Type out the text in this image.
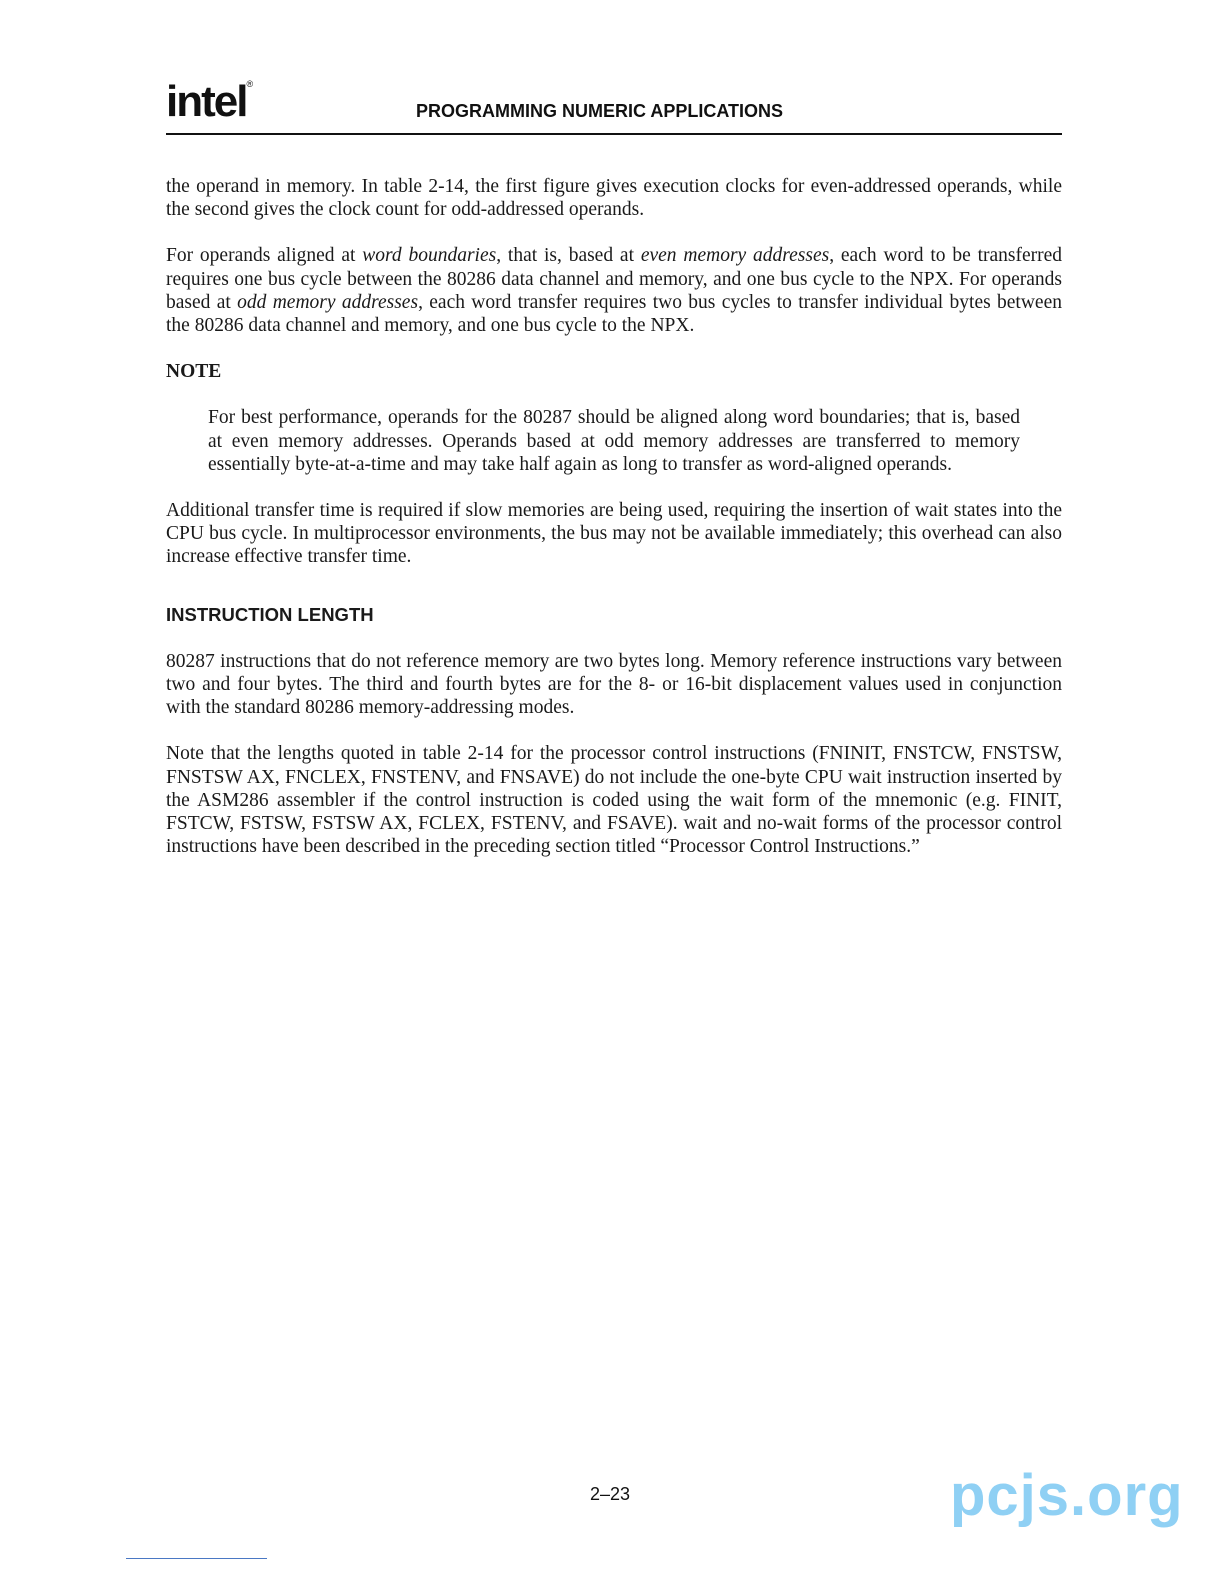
intel®
PROGRAMMING NUMERIC APPLICATIONS

the operand in memory. In table 2-14, the first figure gives execution clocks for even-addressed operands, while the second gives the clock count for odd-addressed operands.

For operands aligned at word boundaries, that is, based at even memory addresses, each word to be transferred requires one bus cycle between the 80286 data channel and memory, and one bus cycle to the NPX. For operands based at odd memory addresses, each word transfer requires two bus cycles to transfer individual bytes between the 80286 data channel and memory, and one bus cycle to the NPX.

NOTE

For best performance, operands for the 80287 should be aligned along word boundaries; that is, based at even memory addresses. Operands based at odd memory addresses are transferred to memory essentially byte-at-a-time and may take half again as long to transfer as word-aligned operands.

Additional transfer time is required if slow memories are being used, requiring the insertion of wait states into the CPU bus cycle. In multiprocessor environments, the bus may not be available immediately; this overhead can also increase effective transfer time.

INSTRUCTION LENGTH

80287 instructions that do not reference memory are two bytes long. Memory reference instructions vary between two and four bytes. The third and fourth bytes are for the 8- or 16-bit displacement values used in conjunction with the standard 80286 memory-addressing modes.

Note that the lengths quoted in table 2-14 for the processor control instructions (FNINIT, FNSTCW, FNSTSW, FNSTSW AX, FNCLEX, FNSTENV, and FNSAVE) do not include the one-byte CPU wait instruction inserted by the ASM286 assembler if the control instruction is coded using the wait form of the mnemonic (e.g. FINIT, FSTCW, FSTSW, FSTSW AX, FCLEX, FSTENV, and FSAVE). wait and no-wait forms of the processor control instructions have been described in the preceding section titled “Processor Control Instructions.”

2–23	pcjs.org
